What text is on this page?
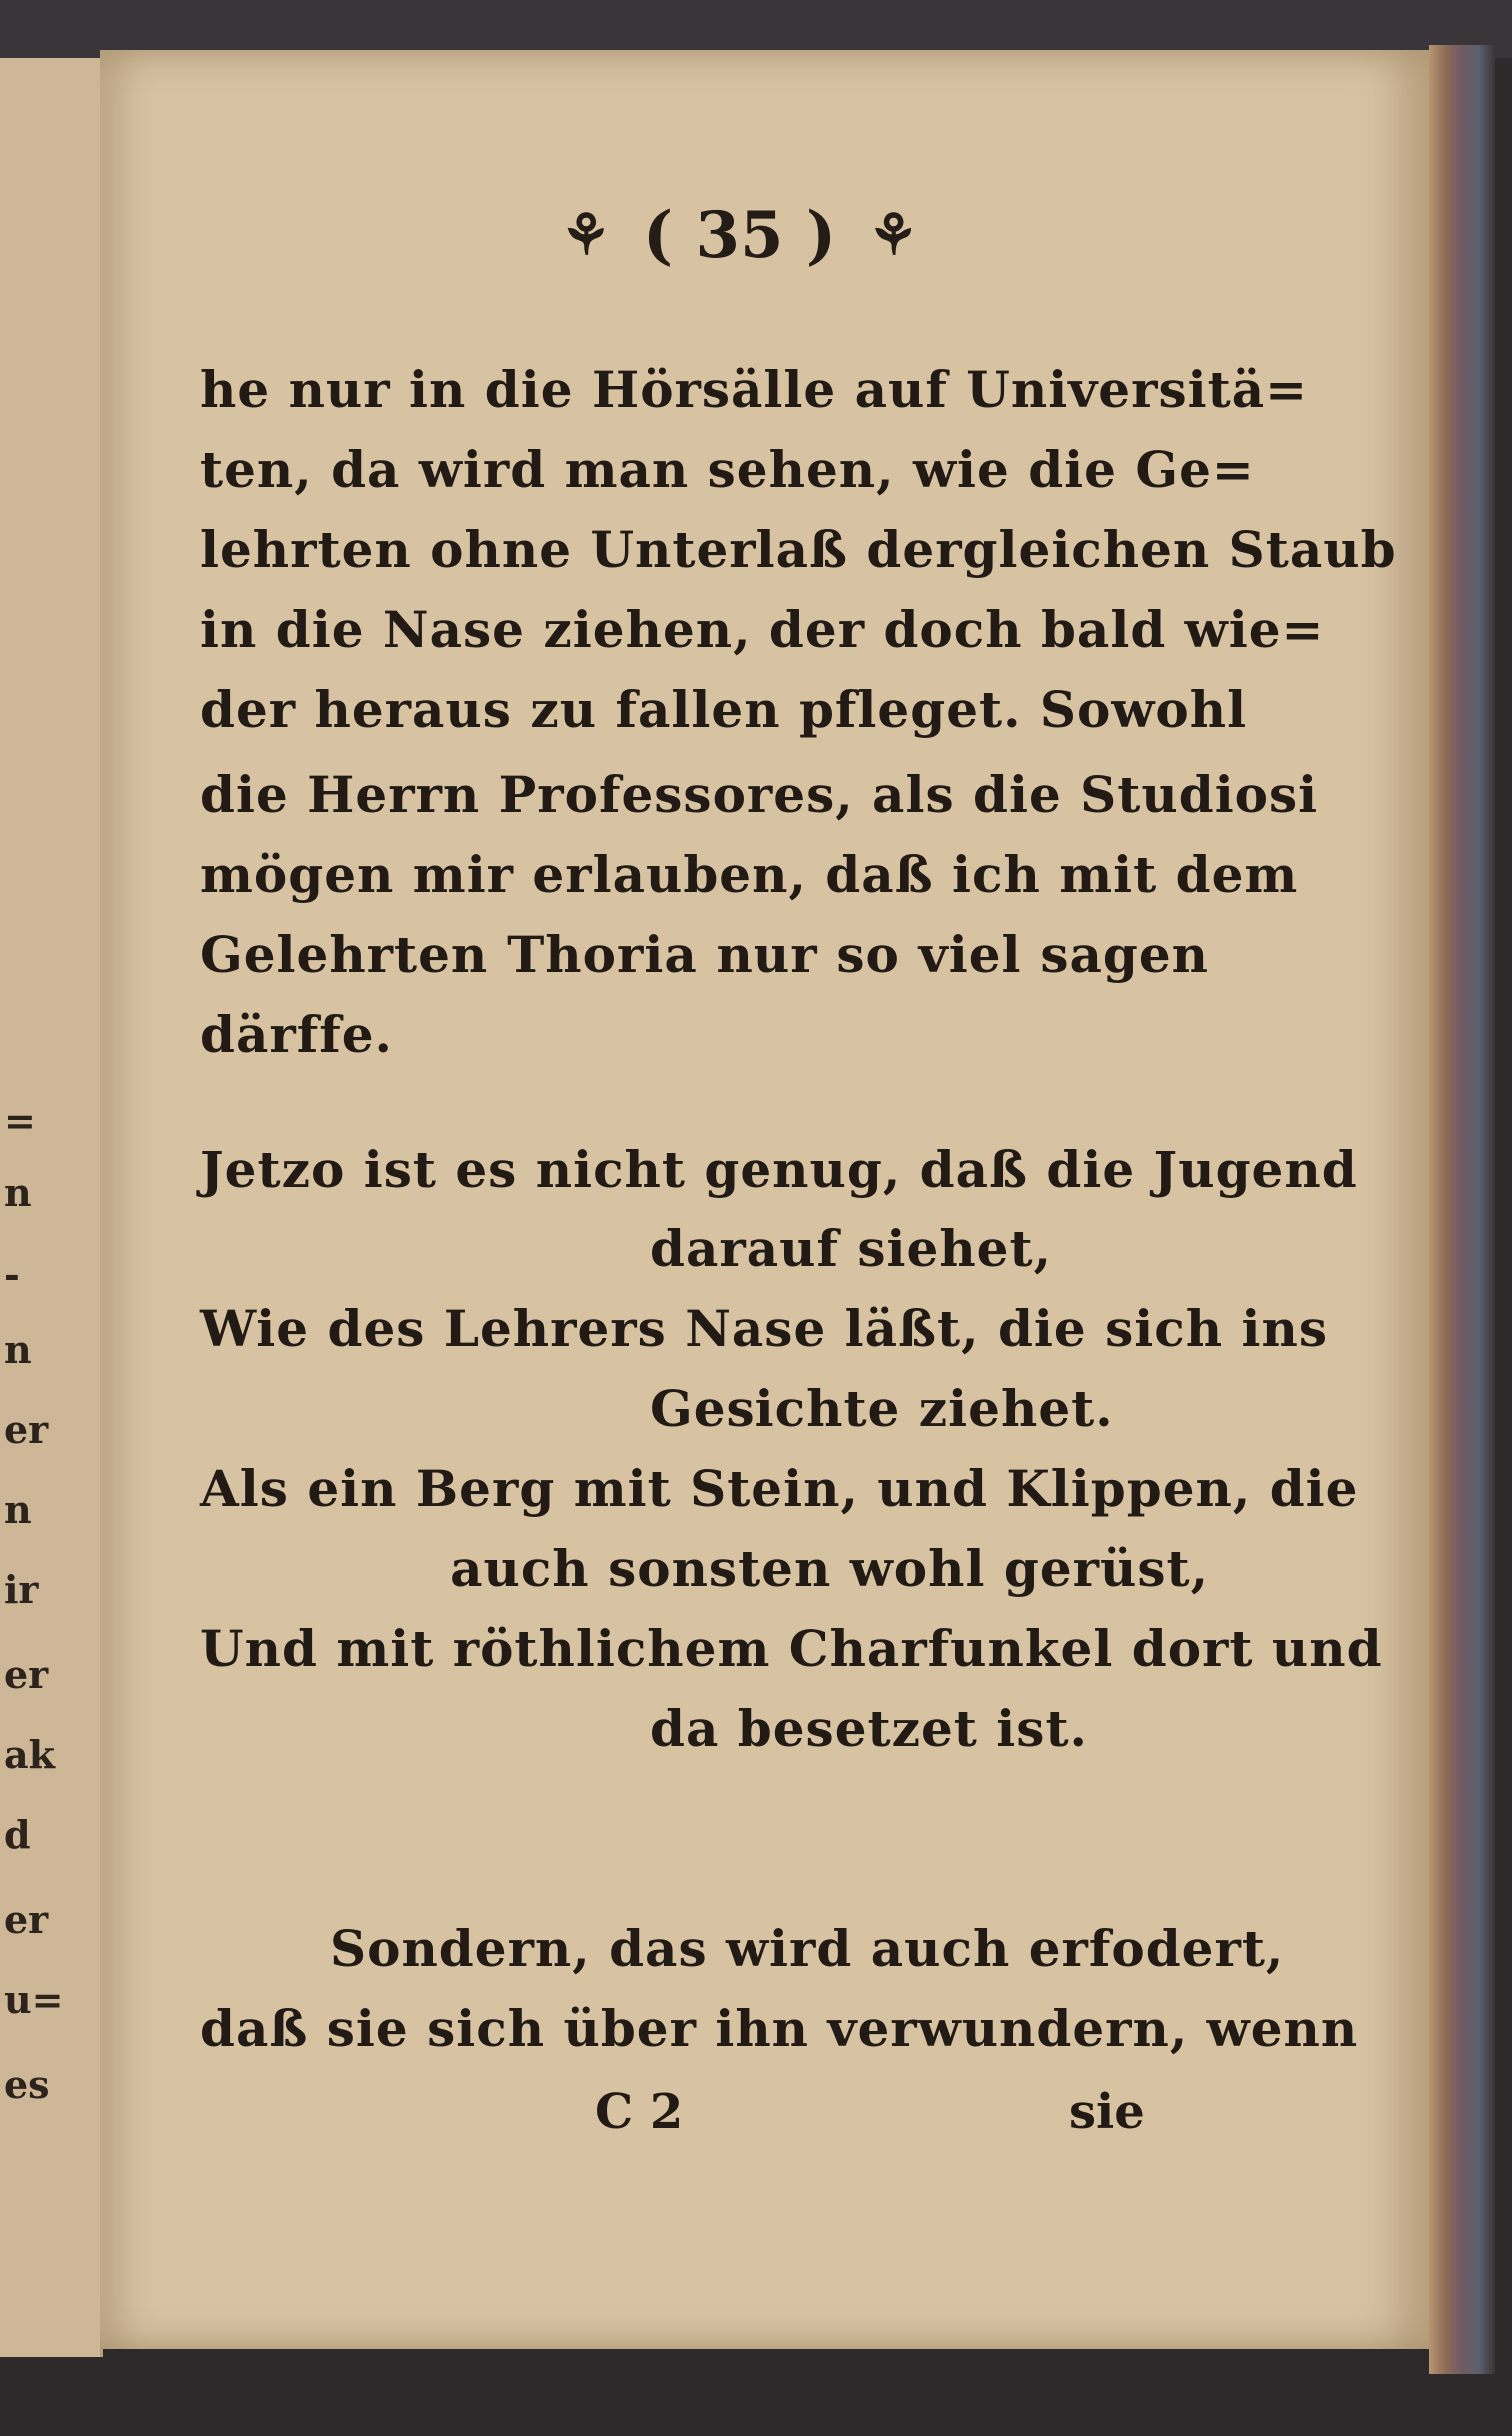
=
n
-
n
er
n
ir
er
ak
d
er
u=
es
⚘ ( 35 ) ⚘
he nur in die Hörsälle auf Universitä=
ten, da wird man sehen, wie die Ge=
lehrten ohne Unterlaß dergleichen Staub
in die Nase ziehen, der doch bald wie=
der heraus zu fallen pfleget. Sowohl
die Herrn Professores, als die Studiosi
mögen mir erlauben, daß ich mit dem
Gelehrten Thoria nur so viel sagen
därffe.
Jetzo ist es nicht genug, daß die Jugend
darauf siehet,
Wie des Lehrers Nase läßt, die sich ins
Gesichte ziehet.
Als ein Berg mit Stein, und Klippen, die
auch sonsten wohl gerüst,
Und mit röthlichem Charfunkel dort und
da besetzet ist.
Sondern, das wird auch erfodert,
daß sie sich über ihn verwundern, wenn
C 2	sie
